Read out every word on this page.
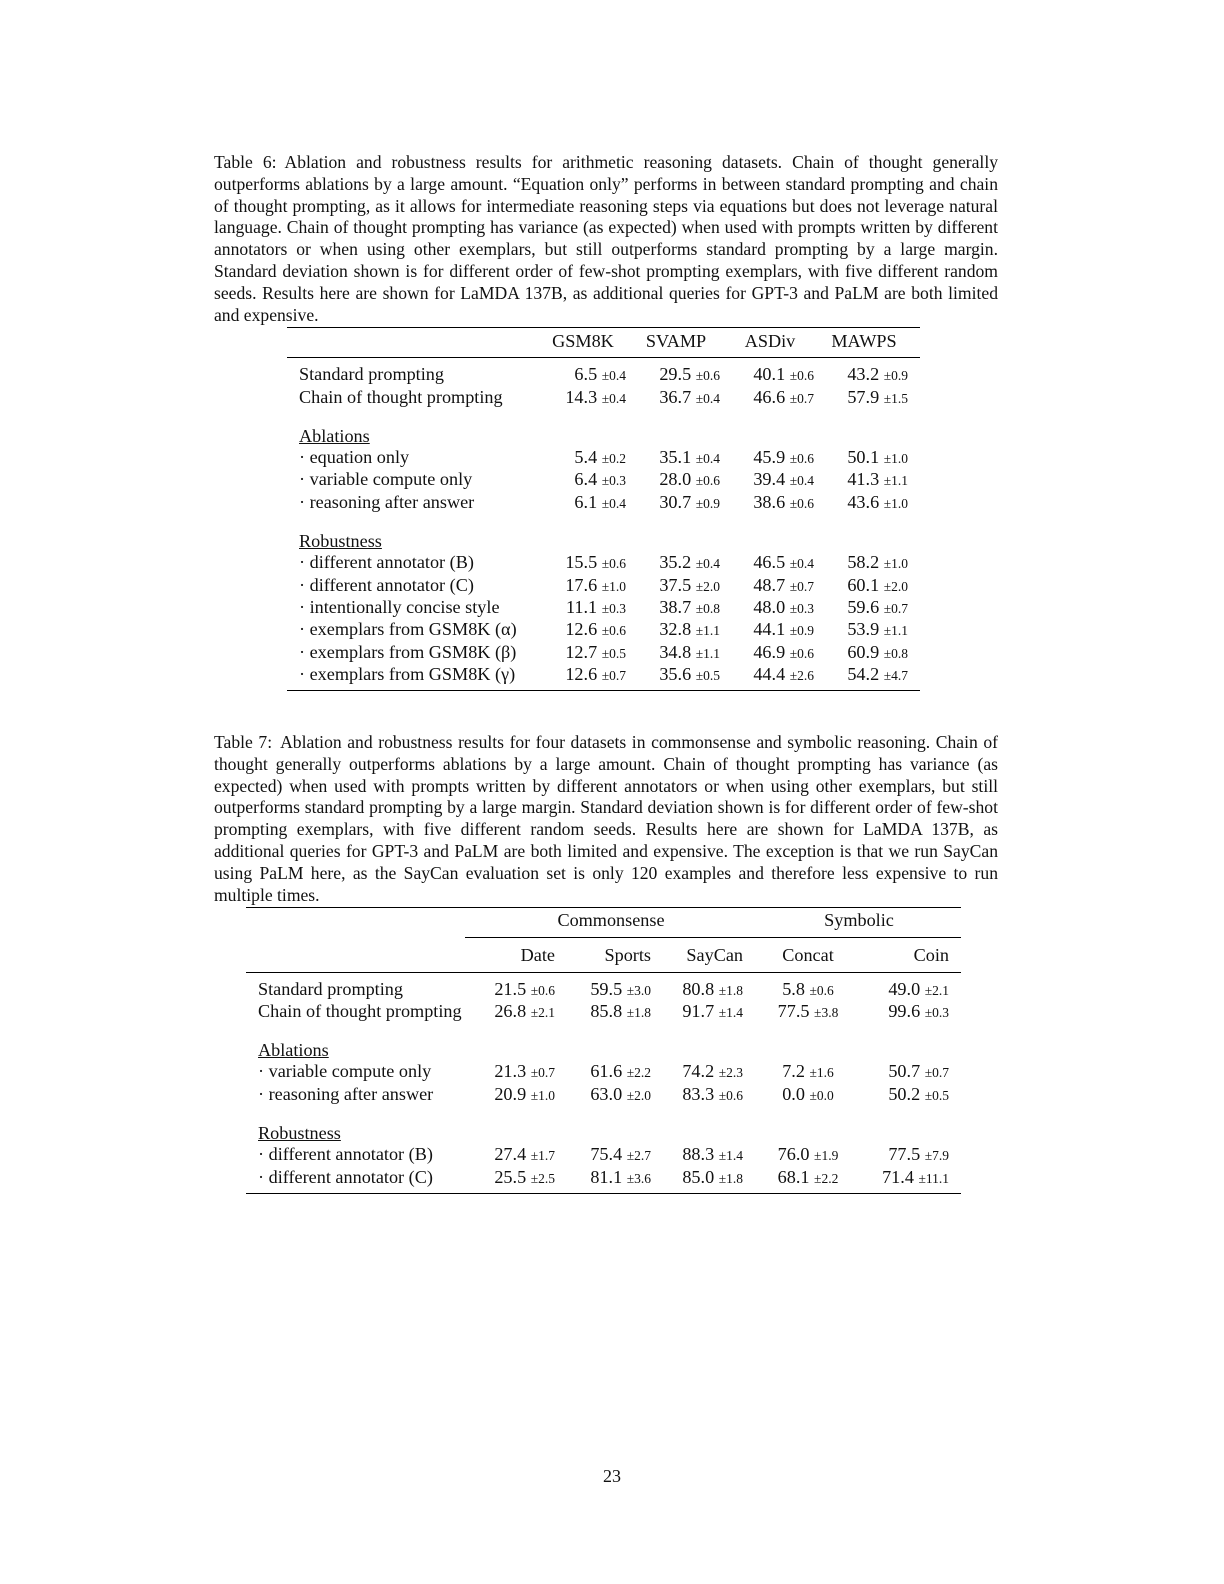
Table 6: Ablation and robustness results for arithmetic reasoning datasets. Chain of thought generally outperforms ablations by a large amount. “Equation only” performs in between standard prompting and chain of thought prompting, as it allows for intermediate reasoning steps via equations but does not leverage natural language. Chain of thought prompting has variance (as expected) when used with prompts written by different annotators or when using other exemplars, but still outperforms standard prompting by a large margin. Standard deviation shown is for different order of few-shot prompting exemplars, with five different random seeds. Results here are shown for LaMDA 137B, as additional queries for GPT-3 and PaLM are both limited and expensive.

	GSM8K	SVAMP	ASDiv	MAWPS
Standard prompting	6.5 ±0.4	29.5 ±0.6	40.1 ±0.6	43.2 ±0.9
Chain of thought prompting	14.3 ±0.4	36.7 ±0.4	46.6 ±0.7	57.9 ±1.5

Ablations				
· equation only	5.4 ±0.2	35.1 ±0.4	45.9 ±0.6	50.1 ±1.0
· variable compute only	6.4 ±0.3	28.0 ±0.6	39.4 ±0.4	41.3 ±1.1
· reasoning after answer	6.1 ±0.4	30.7 ±0.9	38.6 ±0.6	43.6 ±1.0

Robustness				
· different annotator (B)	15.5 ±0.6	35.2 ±0.4	46.5 ±0.4	58.2 ±1.0
· different annotator (C)	17.6 ±1.0	37.5 ±2.0	48.7 ±0.7	60.1 ±2.0
· intentionally concise style	11.1 ±0.3	38.7 ±0.8	48.0 ±0.3	59.6 ±0.7
· exemplars from GSM8K (α)	12.6 ±0.6	32.8 ±1.1	44.1 ±0.9	53.9 ±1.1
· exemplars from GSM8K (β)	12.7 ±0.5	34.8 ±1.1	46.9 ±0.6	60.9 ±0.8
· exemplars from GSM8K (γ)	12.6 ±0.7	35.6 ±0.5	44.4 ±2.6	54.2 ±4.7

Table 7: Ablation and robustness results for four datasets in commonsense and symbolic reasoning. Chain of thought generally outperforms ablations by a large amount. Chain of thought prompting has variance (as expected) when used with prompts written by different annotators or when using other exemplars, but still outperforms standard prompting by a large margin. Standard deviation shown is for different order of few-shot prompting exemplars, with five different random seeds. Results here are shown for LaMDA 137B, as additional queries for GPT-3 and PaLM are both limited and expensive. The exception is that we run SayCan using PaLM here, as the SayCan evaluation set is only 120 examples and therefore less expensive to run multiple times.

	Commonsense			Symbolic	
	Date	Sports	SayCan	Concat	Coin
Standard prompting	21.5 ±0.6	59.5 ±3.0	80.8 ±1.8	5.8 ±0.6	49.0 ±2.1
Chain of thought prompting	26.8 ±2.1	85.8 ±1.8	91.7 ±1.4	77.5 ±3.8	99.6 ±0.3

Ablations					
· variable compute only	21.3 ±0.7	61.6 ±2.2	74.2 ±2.3	7.2 ±1.6	50.7 ±0.7
· reasoning after answer	20.9 ±1.0	63.0 ±2.0	83.3 ±0.6	0.0 ±0.0	50.2 ±0.5

Robustness					
· different annotator (B)	27.4 ±1.7	75.4 ±2.7	88.3 ±1.4	76.0 ±1.9	77.5 ±7.9
· different annotator (C)	25.5 ±2.5	81.1 ±3.6	85.0 ±1.8	68.1 ±2.2	71.4 ±11.1
23
